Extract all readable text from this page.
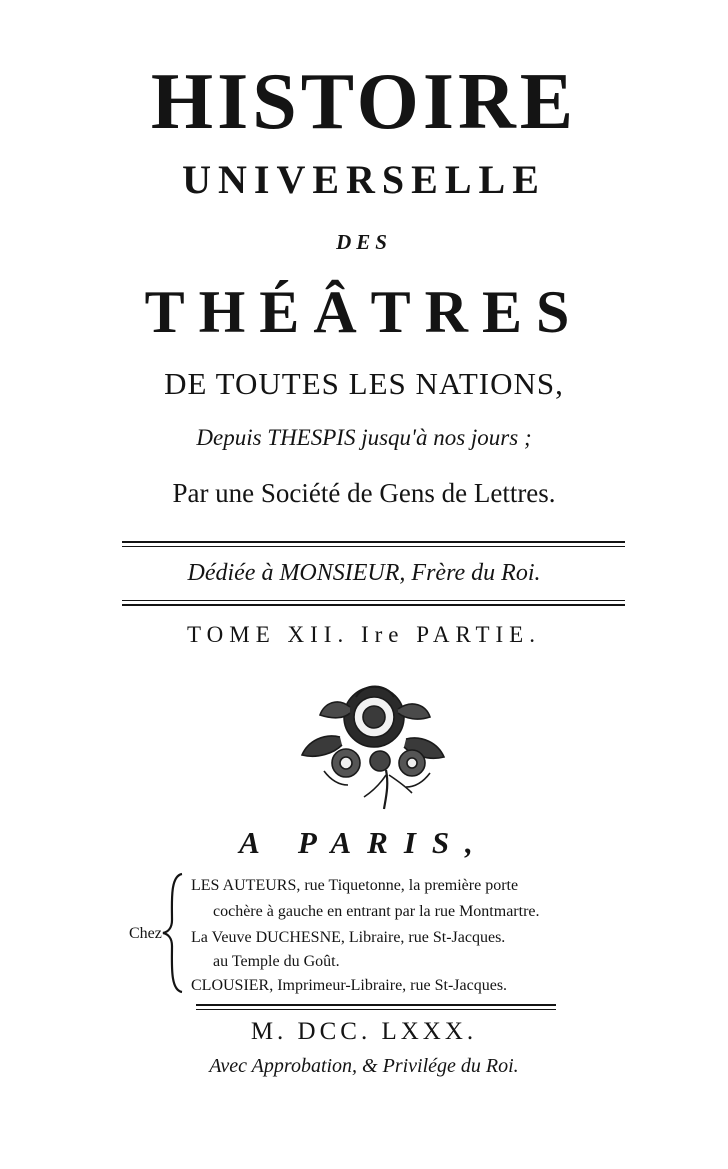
HISTOIRE
UNIVERSELLE
DES
THÉÂTRES
DE TOUTES LES NATIONS,
Depuis THESPIS jusqu'à nos jours ;
Par une Société de Gens de Lettres.
Dédiée à MONSIEUR, Frère du Roi.
TOME XII. Ire PARTIE.
A PARIS,
Chez
LES AUTEURS, rue Tiquetonne, la première porte
cochère à gauche en entrant par la rue Montmartre.
La Veuve DUCHESNE, Libraire, rue St-Jacques.
au Temple du Goût.
CLOUSIER, Imprimeur-Libraire, rue St-Jacques.
M. DCC. LXXX.
Avec Approbation, & Privilége du Roi.
